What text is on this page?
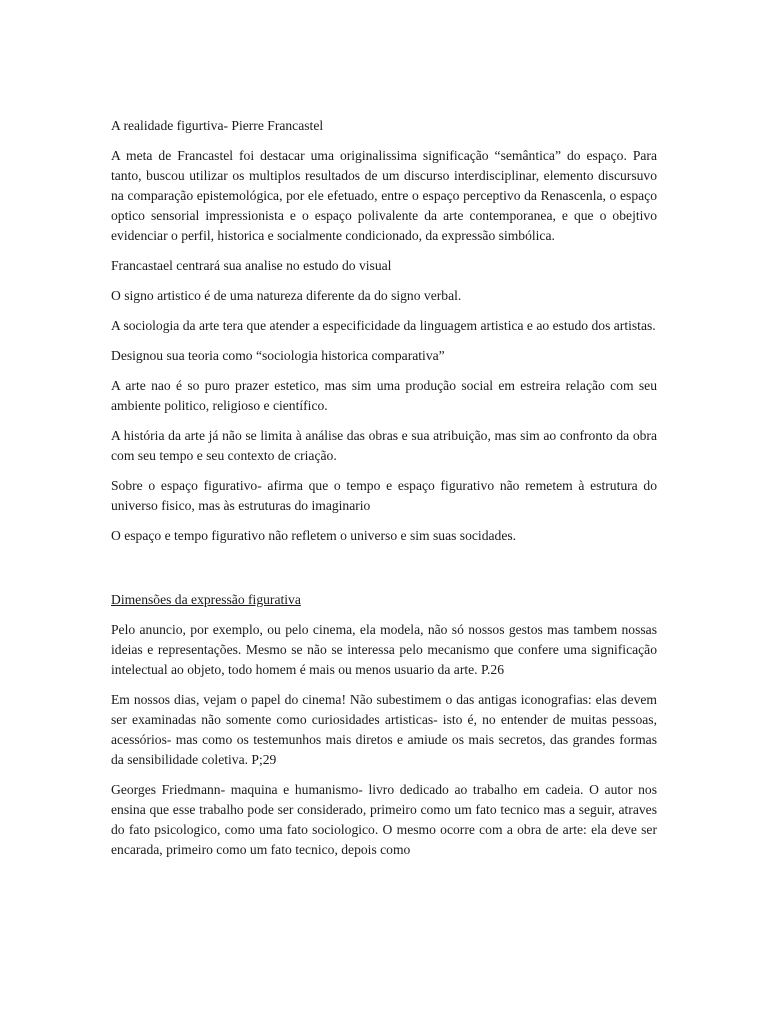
A realidade figurtiva- Pierre Francastel

A meta de Francastel foi destacar uma originalissima significação “semântica” do espaço. Para tanto, buscou utilizar os multiplos resultados de um discurso interdisciplinar, elemento discursuvo na comparação epistemológica, por ele efetuado, entre o espaço perceptivo da Renascenla, o espaço optico sensorial impressionista e o espaço polivalente da arte contemporanea, e que o obejtivo evidenciar o perfil, historica e socialmente condicionado, da expressão simbólica.

Francastael centrará sua analise no estudo do visual

O signo artistico é de uma natureza diferente da do signo verbal.

A sociologia da arte tera que atender a especificidade da linguagem artistica e ao estudo dos artistas.

Designou sua teoria como “sociologia historica comparativa”

A arte nao é so puro prazer estetico, mas sim uma produção social em estreira relação com seu ambiente politico, religioso e científico.

A história da arte já não se limita à análise das obras e sua atribuição, mas sim ao confronto da obra com seu tempo e seu contexto de criação.

Sobre o espaço figurativo- afirma que o tempo e espaço figurativo não remetem à estrutura do universo fisico, mas às estruturas do imaginario

O espaço e tempo figurativo não refletem o universo e sim suas socidades.

Dimensões da expressão figurativa

Pelo anuncio, por exemplo, ou pelo cinema, ela modela, não só nossos gestos mas tambem nossas ideias e representações. Mesmo se não se interessa pelo mecanismo que confere uma significação intelectual ao objeto, todo homem é mais ou menos usuario da arte. P.26

Em nossos dias, vejam o papel do cinema! Não subestimem o das antigas iconografias: elas devem ser examinadas não somente como curiosidades artisticas- isto é, no entender de muitas pessoas, acessórios- mas como os testemunhos mais diretos e amiude os mais secretos, das grandes formas da sensibilidade coletiva. P;29

Georges Friedmann- maquina e humanismo- livro dedicado ao trabalho em cadeia. O autor nos ensina que esse trabalho pode ser considerado, primeiro como um fato tecnico mas a seguir, atraves do fato psicologico, como uma fato sociologico. O mesmo ocorre com a obra de arte: ela deve ser encarada, primeiro como um fato tecnico, depois como
